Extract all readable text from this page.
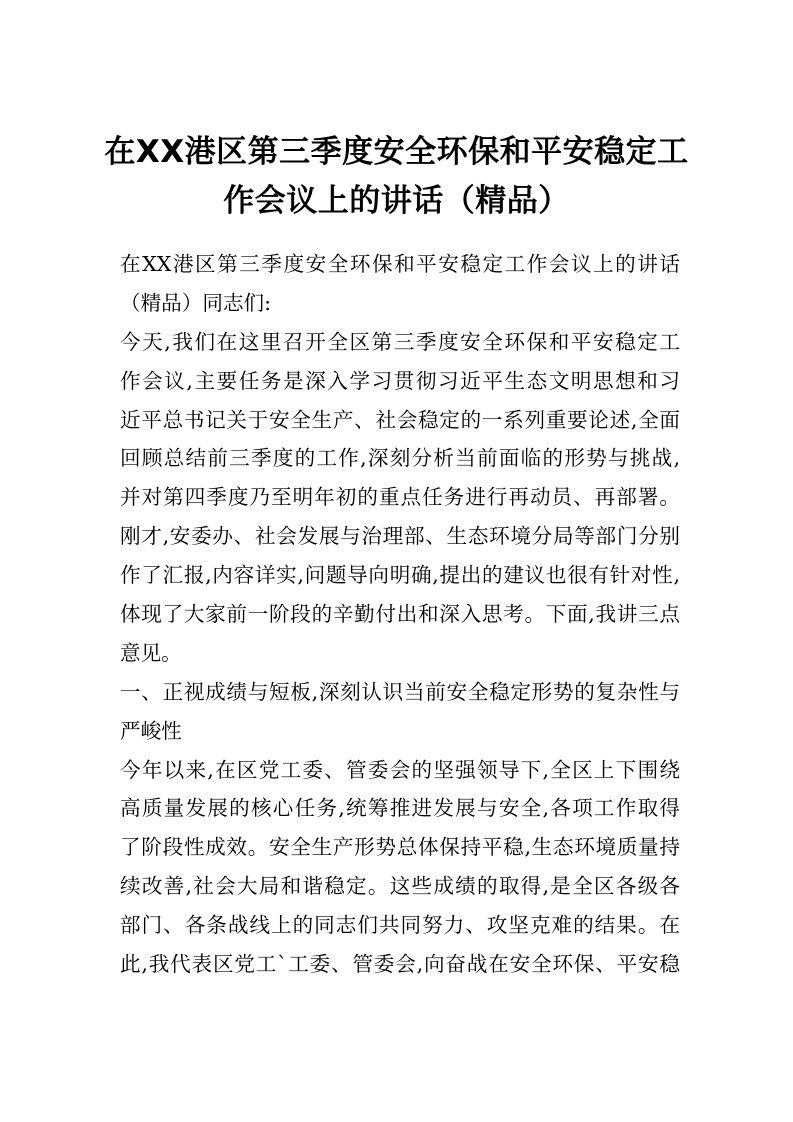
在XX港区第三季度安全环保和平安稳定工
作会议上的讲话（精品）
在XX港区第三季度安全环保和平安稳定工作会议上的讲话
（精品）同志们:
今天,我们在这里召开全区第三季度安全环保和平安稳定工
作会议,主要任务是深入学习贯彻习近平生态文明思想和习
近平总书记关于安全生产、社会稳定的一系列重要论述,全面
回顾总结前三季度的工作,深刻分析当前面临的形势与挑战,
并对第四季度乃至明年初的重点任务进行再动员、再部署。
刚才,安委办、社会发展与治理部、生态环境分局等部门分别
作了汇报,内容详实,问题导向明确,提出的建议也很有针对性,
体现了大家前一阶段的辛勤付出和深入思考。下面,我讲三点
意见。
一、正视成绩与短板,深刻认识当前安全稳定形势的复杂性与
严峻性
今年以来,在区党工委、管委会的坚强领导下,全区上下围绕
高质量发展的核心任务,统筹推进发展与安全,各项工作取得
了阶段性成效。安全生产形势总体保持平稳,生态环境质量持
续改善,社会大局和谐稳定。这些成绩的取得,是全区各级各
部门、各条战线上的同志们共同努力、攻坚克难的结果。在
此,我代表区党工`工委、管委会,向奋战在安全环保、平安稳
